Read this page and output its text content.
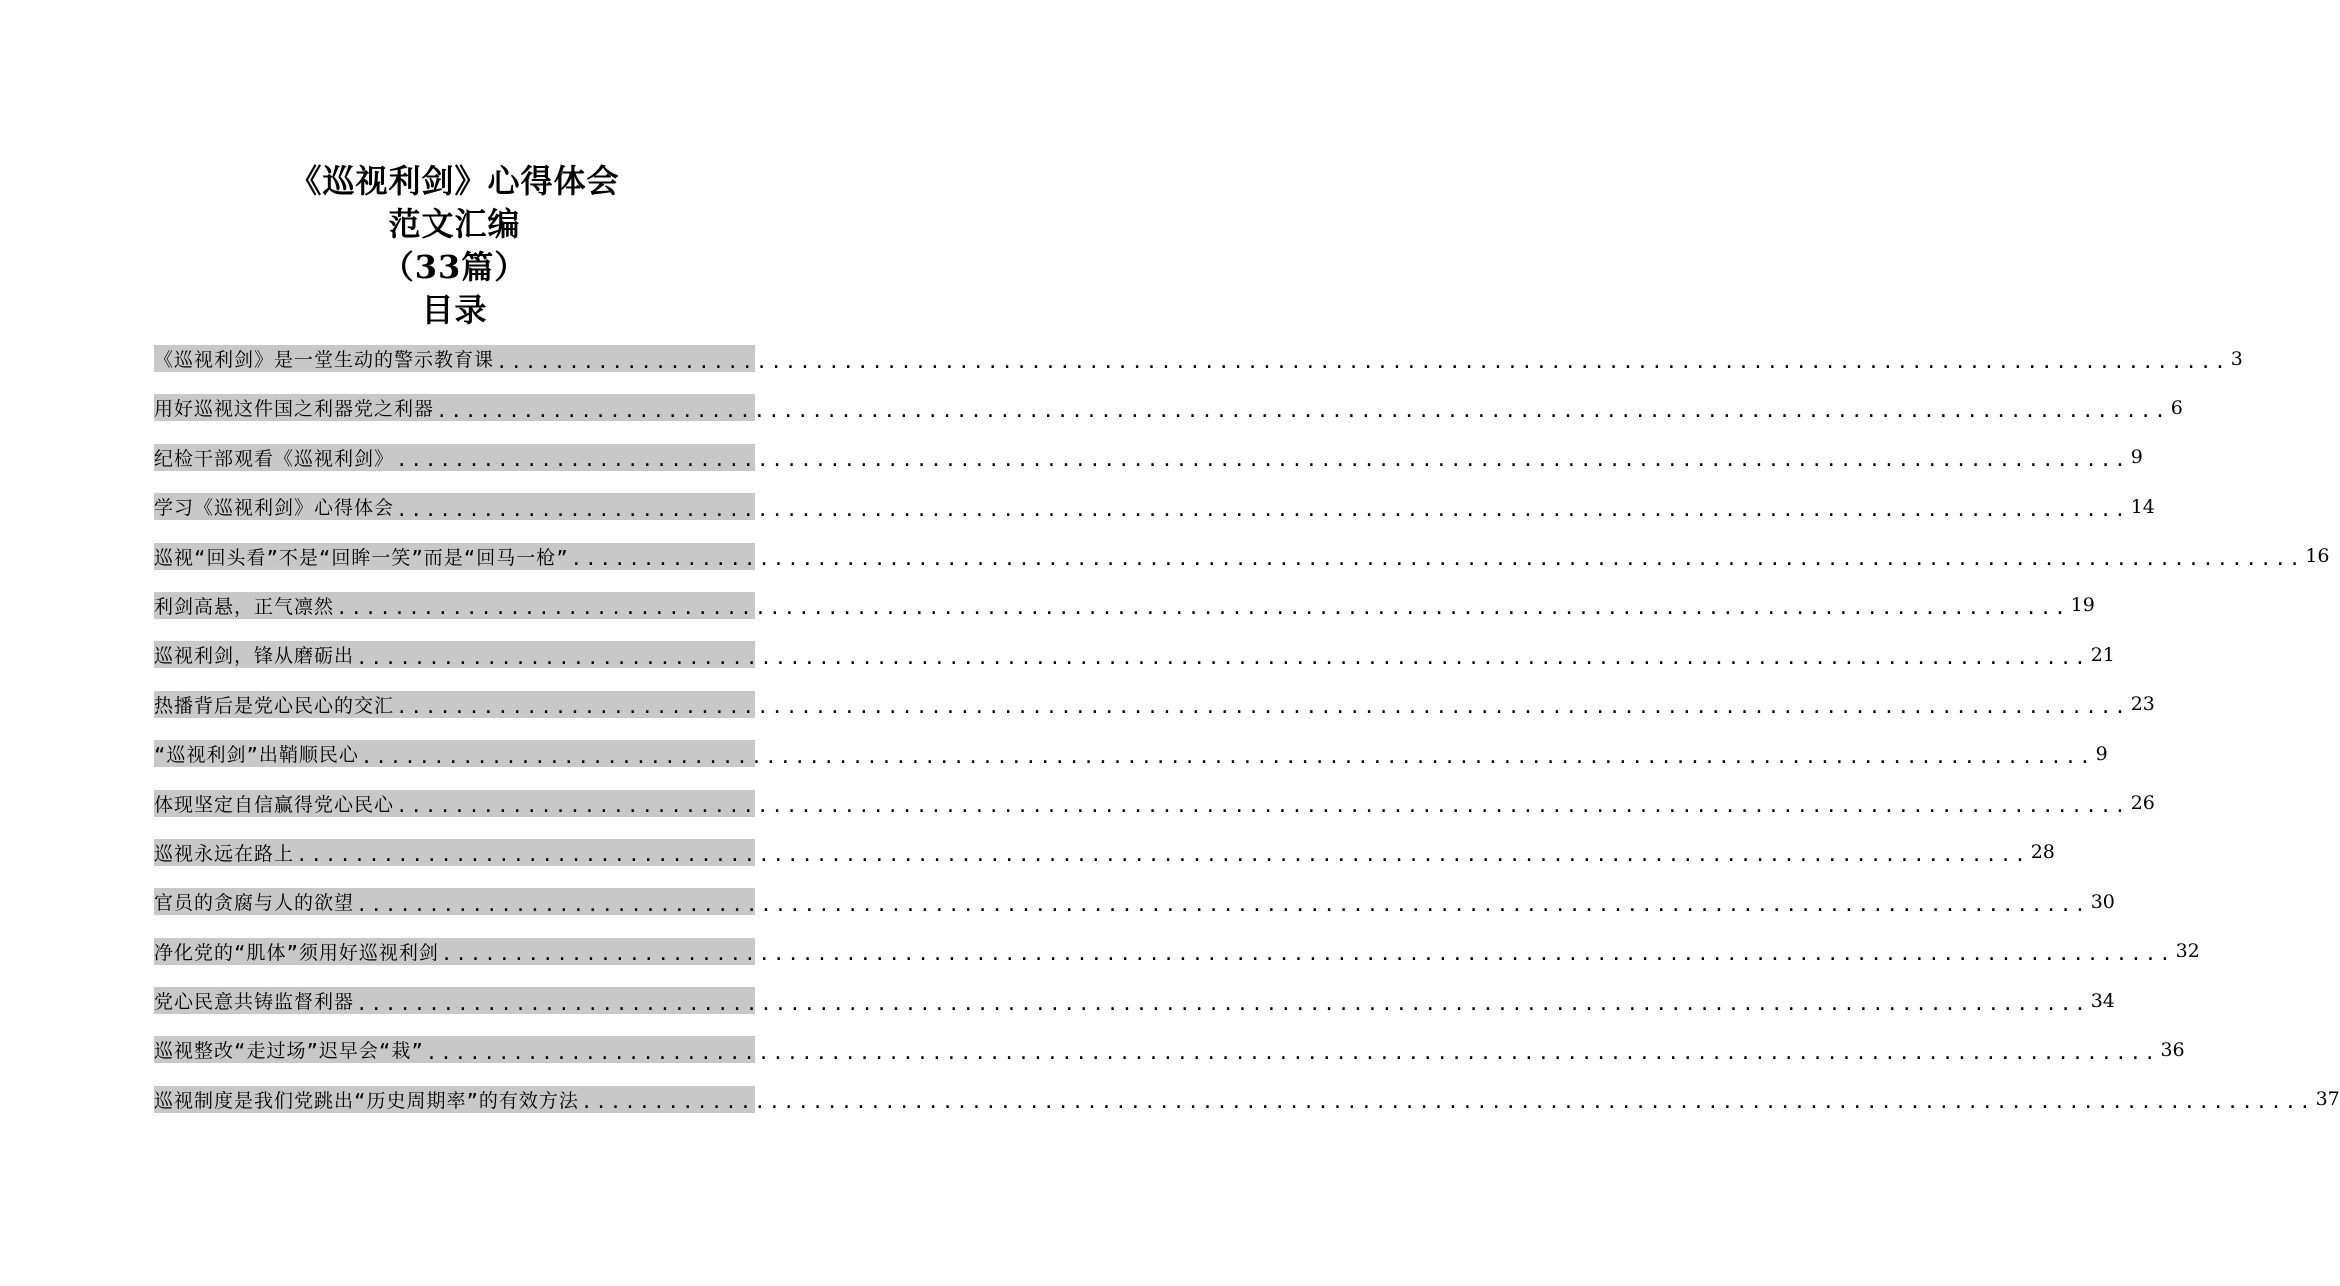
《巡视利剑》心得体会
范文汇编
（33篇）
目录
《巡视利剑》是一堂生动的警示教育课 ........................................................................................................................ 3
用好巡视这件国之利器党之利器 ........................................................................................................................ 6
纪检干部观看《巡视利剑》 ........................................................................................................................ 9
学习《巡视利剑》心得体会 ........................................................................................................................ 14
巡视“回头看”不是“回眸一笑”而是“回马一枪” ........................................................................................................................ 16
利剑高悬，正气凛然 ........................................................................................................................ 19
巡视利剑，锋从磨砺出 ........................................................................................................................ 21
热播背后是党心民心的交汇 ........................................................................................................................ 23
“巡视利剑”出鞘顺民心 ........................................................................................................................ 9
体现坚定自信赢得党心民心 ........................................................................................................................ 26
巡视永远在路上 ........................................................................................................................ 28
官员的贪腐与人的欲望 ........................................................................................................................ 30
净化党的“肌体”须用好巡视利剑 ........................................................................................................................ 32
党心民意共铸监督利器 ........................................................................................................................ 34
巡视整改“走过场”迟早会“栽” ........................................................................................................................ 36
巡视制度是我们党跳出“历史周期率”的有效方法 ........................................................................................................................ 37
